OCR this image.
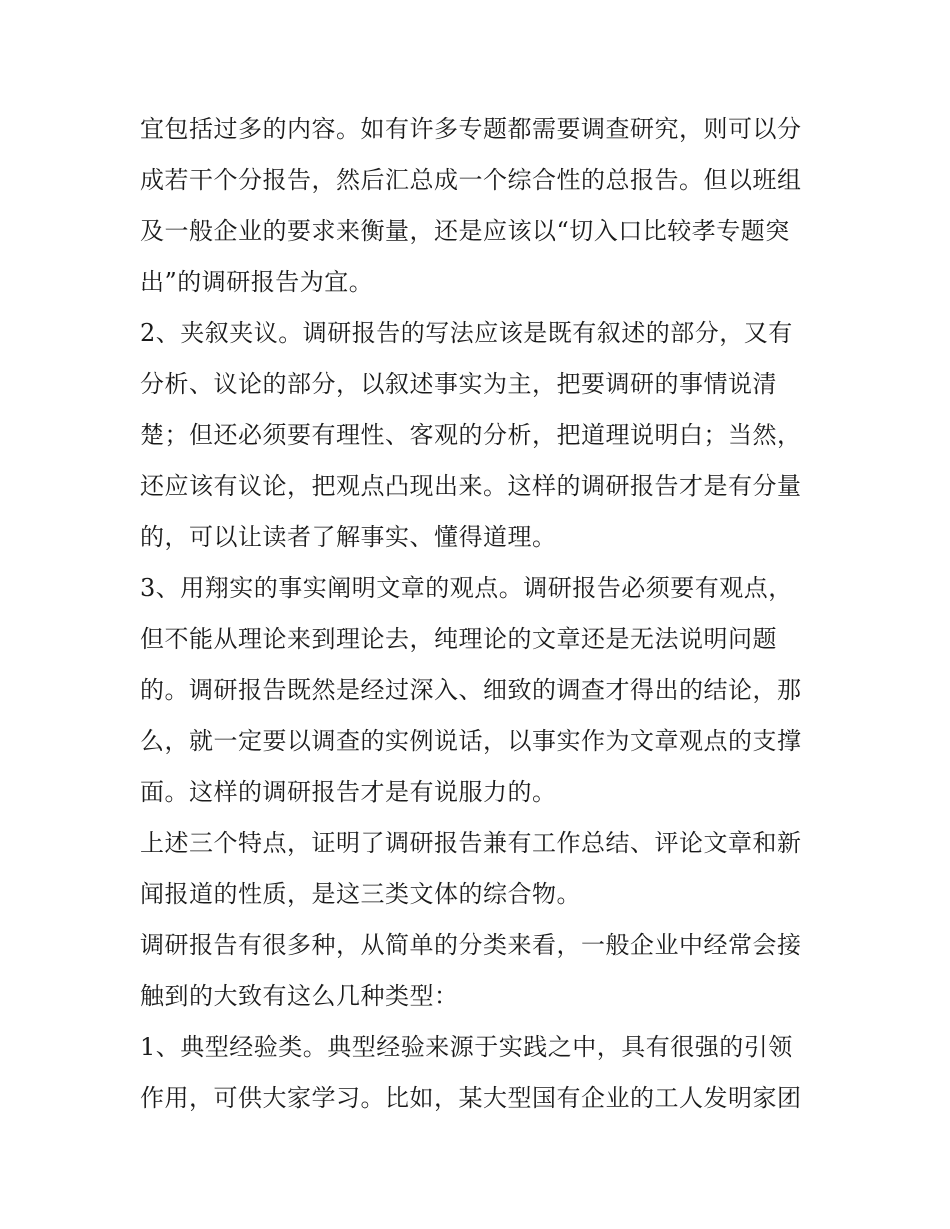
宜包括过多的内容。如有许多专题都需要调查研究，则可以分
成若干个分报告，然后汇总成一个综合性的总报告。但以班组
及一般企业的要求来衡量，还是应该以“切入口比较孝专题突
出”的调研报告为宜。
2、夹叙夹议。调研报告的写法应该是既有叙述的部分，又有
分析、议论的部分，以叙述事实为主，把要调研的事情说清
楚；但还必须要有理性、客观的分析，把道理说明白；当然，
还应该有议论，把观点凸现出来。这样的调研报告才是有分量
的，可以让读者了解事实、懂得道理。
3、用翔实的事实阐明文章的观点。调研报告必须要有观点，
但不能从理论来到理论去，纯理论的文章还是无法说明问题
的。调研报告既然是经过深入、细致的调查才得出的结论，那
么，就一定要以调查的实例说话，以事实作为文章观点的支撑
面。这样的调研报告才是有说服力的。
上述三个特点，证明了调研报告兼有工作总结、评论文章和新
闻报道的性质，是这三类文体的综合物。
调研报告有很多种，从简单的分类来看，一般企业中经常会接
触到的大致有这么几种类型：
1、典型经验类。典型经验来源于实践之中，具有很强的引领
作用，可供大家学习。比如，某大型国有企业的工人发明家团
